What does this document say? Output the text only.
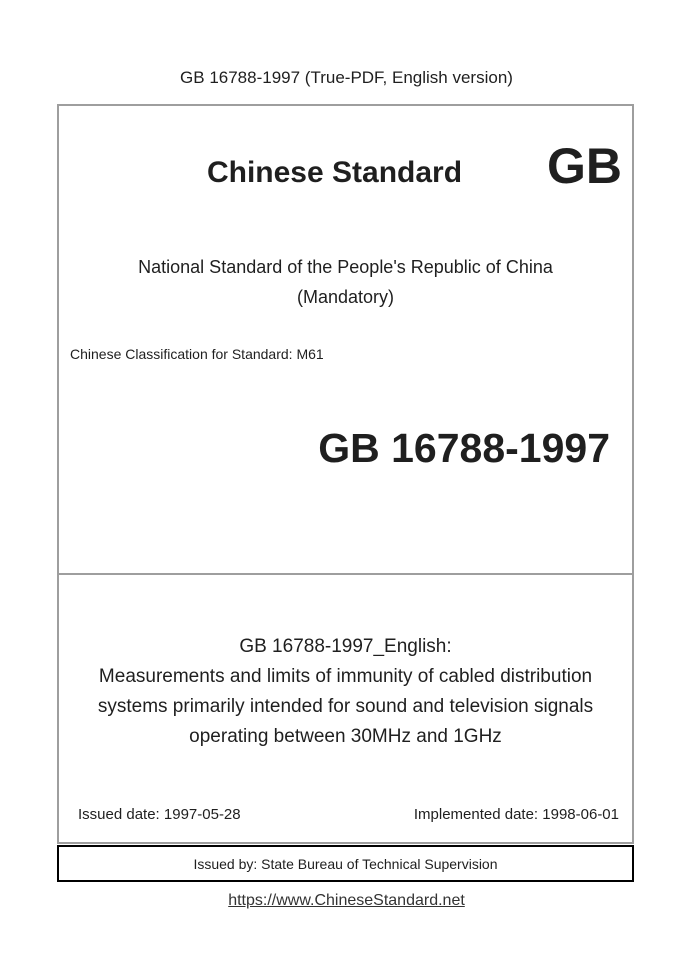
GB 16788-1997 (True-PDF, English version)
Chinese Standard	GB
National Standard of the People's Republic of China
(Mandatory)
Chinese Classification for Standard: M61
GB 16788-1997
GB 16788-1997_English:
Measurements and limits of immunity of cabled distribution
systems primarily intended for sound and television signals
operating between 30MHz and 1GHz
Issued date: 1997-05-28	Implemented date: 1998-06-01
Issued by: State Bureau of Technical Supervision
https://www.ChineseStandard.net
